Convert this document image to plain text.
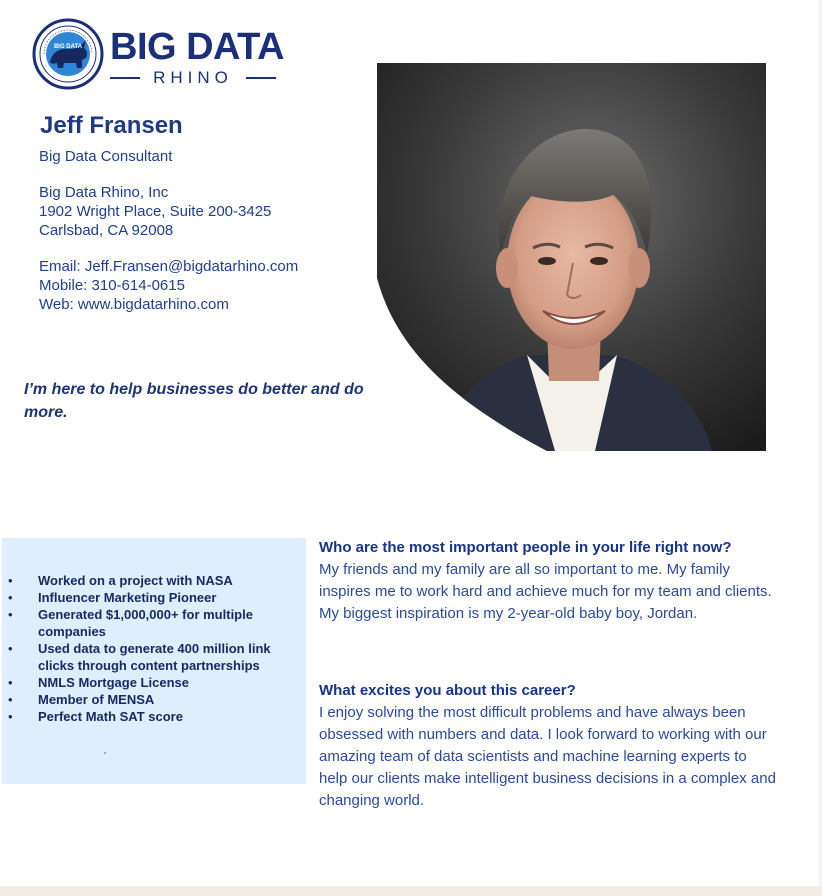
BIG DATA BIG DATA
RHINO
Jeff Fransen
Big Data Consultant
Big Data Rhino, Inc
1902 Wright Place, Suite 200-3425
Carlsbad, CA 92008
Email: Jeff.Fransen@bigdatarhino.com
Mobile: 310-614-0615
Web: www.bigdatarhino.com
I’m here to help businesses do better and do more.
• Worked on a project with NASA
• Influencer Marketing Pioneer
• Generated $1,000,000+ for multiple companies
• Used data to generate 400 million link clicks through content partnerships
• NMLS Mortgage License
• Member of MENSA
• Perfect Math SAT score
Who are the most important people in your life right now?
My friends and my family are all so important to me. My family inspires me to work hard and achieve much for my team and clients. My biggest inspiration is my 2-year-old baby boy, Jordan.
What excites you about this career?
I enjoy solving the most difficult problems and have always been obsessed with numbers and data. I look forward to working with our amazing team of data scientists and machine learning experts to help our clients make intelligent business decisions in a complex and changing world.
